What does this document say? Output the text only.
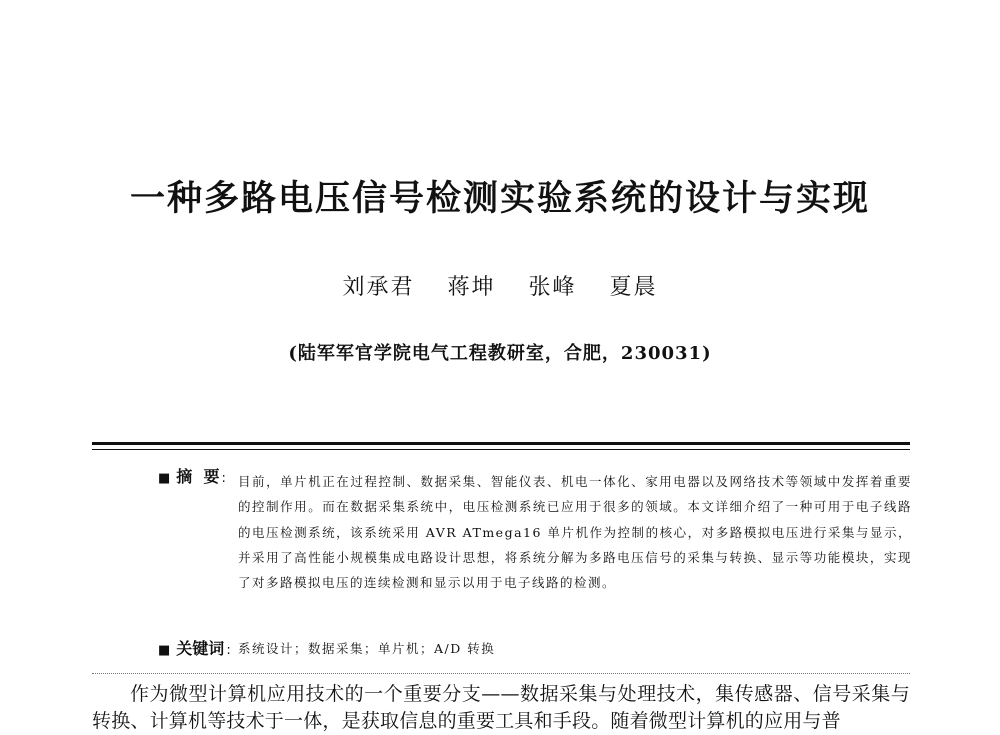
一种多路电压信号检测实验系统的设计与实现
刘承君 蒋坤 张峰 夏晨
(陆军军官学院电气工程教研室，合肥，230031)
■ 摘  要 : 目前，单片机正在过程控制、数据采集、智能仪表、机电一体化、家用电器以及网络技术等领域中发挥着重要的控制作用。而在数据采集系统中，电压检测系统已应用于很多的领域。本文详细介绍了一种可用于电子线路的电压检测系统，该系统采用 AVR ATmega16 单片机作为控制的核心，对多路模拟电压进行采集与显示，并采用了高性能小规模集成电路设计思想，将系统分解为多路电压信号的采集与转换、显示等功能模块，实现了对多路模拟电压的连续检测和显示以用于电子线路的检测。
■ 关键词 : 系统设计；数据采集；单片机；A/D 转换
作为微型计算机应用技术的一个重要分支——数据采集与处理技术，集传感器、信号采集与转换、计算机等技术于一体，是获取信息的重要工具和手段。随着微型计算机的应用与普
